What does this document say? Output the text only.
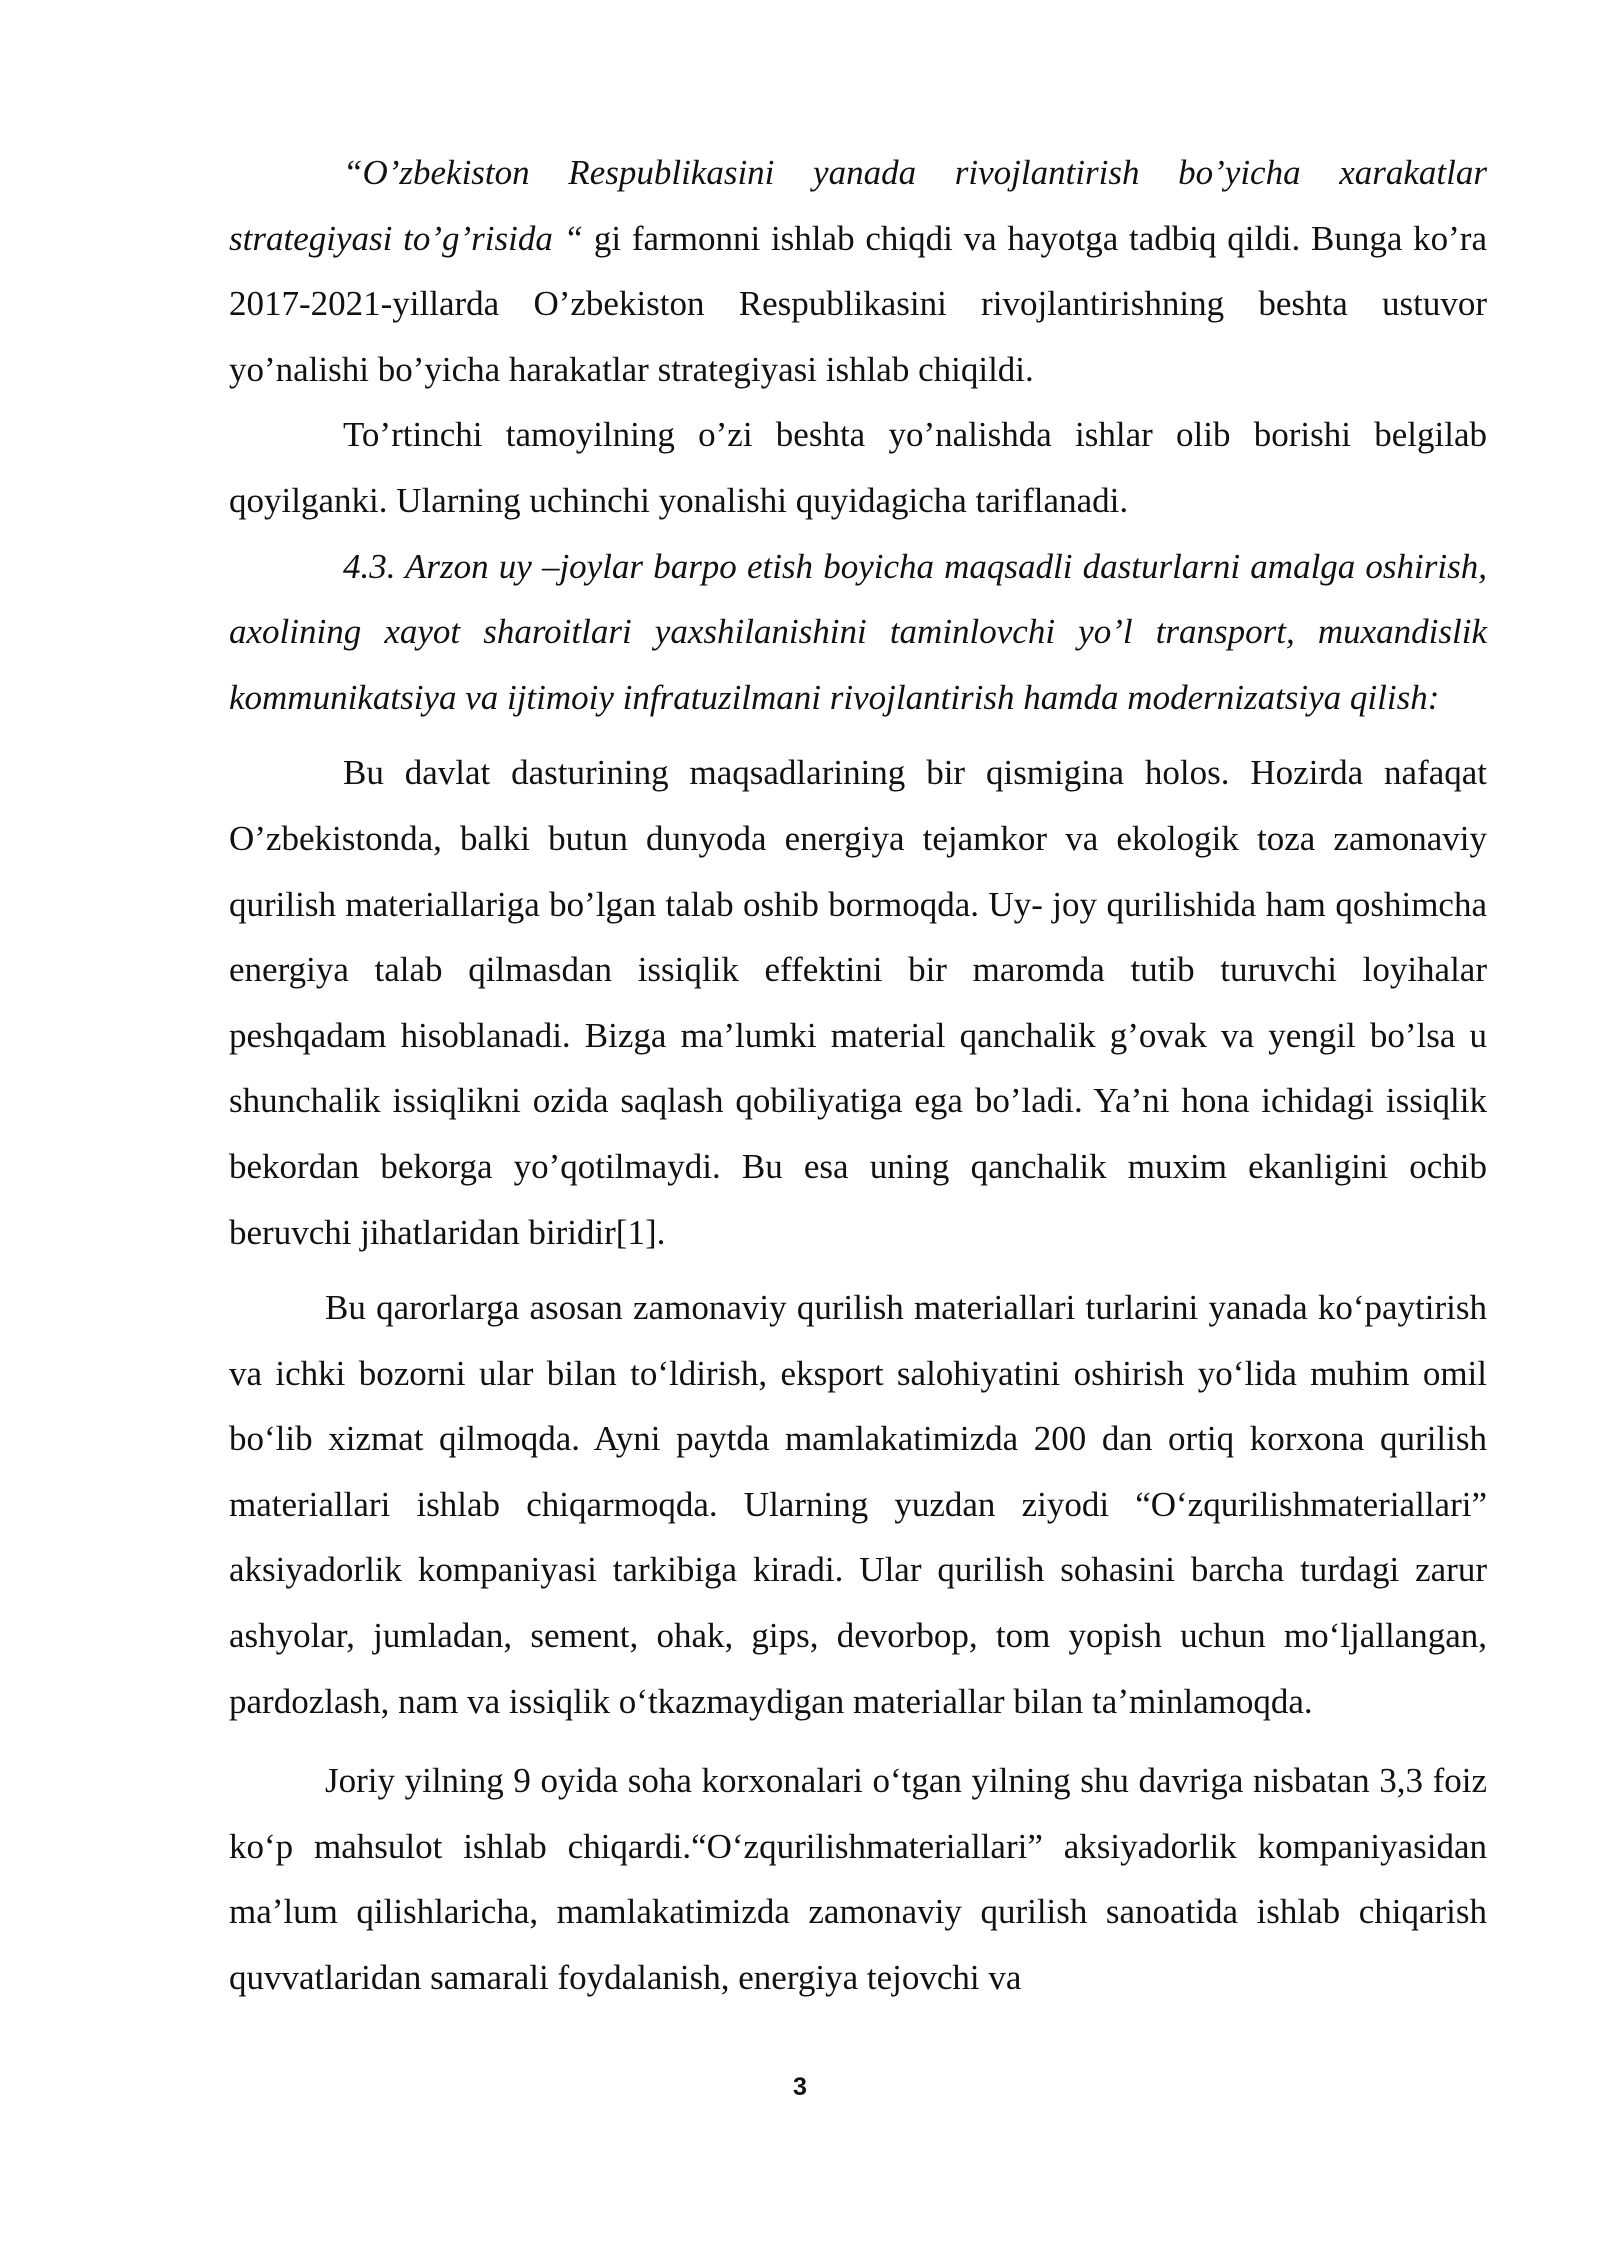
“O’zbekiston Respublikasini yanada rivojlantirish bo’yicha xarakatlar strategiyasi to’g’risida “ gi farmonni ishlab chiqdi va hayotga tadbiq qildi. Bunga ko’ra 2017-2021-yillarda O’zbekiston Respublikasini rivojlantirishning beshta ustuvor yo’nalishi bo’yicha harakatlar strategiyasi ishlab chiqildi.

To’rtinchi tamoyilning o’zi beshta yo’nalishda ishlar olib borishi belgilab qoyilganki. Ularning uchinchi yonalishi quyidagicha tariflanadi.

4.3. Arzon uy –joylar barpo etish boyicha maqsadli dasturlarni amalga oshirish, axolining xayot sharoitlari yaxshilanishini taminlovchi yo’l transport, muxandislik kommunikatsiya va ijtimoiy infratuzilmani rivojlantirish hamda modernizatsiya qilish:

Bu davlat dasturining maqsadlarining bir qismigina holos. Hozirda nafaqat O’zbekistonda, balki butun dunyoda energiya tejamkor va ekologik toza zamonaviy qurilish materiallariga bo’lgan talab oshib bormoqda. Uy- joy qurilishida ham qoshimcha energiya talab qilmasdan issiqlik effektini bir maromda tutib turuvchi loyihalar peshqadam hisoblanadi. Bizga ma’lumki material qanchalik g’ovak va yengil bo’lsa u shunchalik issiqlikni ozida saqlash qobiliyatiga ega bo’ladi. Ya’ni hona ichidagi issiqlik bekordan bekorga yo’qotilmaydi. Bu esa uning qanchalik muxim ekanligini ochib beruvchi jihatlaridan biridir[1].

Bu qarorlarga asosan zamonaviy qurilish materiallari turlarini yanada koʻpaytirish va ichki bozorni ular bilan toʻldirish, eksport salohiyatini oshirish yoʻlida muhim omil boʻlib xizmat qilmoqda. Ayni paytda mamlakatimizda 200 dan ortiq korxona qurilish materiallari ishlab chiqarmoqda. Ularning yuzdan ziyodi “Oʻzqurilishmateriallari” aksiyadorlik kompaniyasi tarkibiga kiradi. Ular qurilish sohasini barcha turdagi zarur ashyolar, jumladan, sement, ohak, gips, devorbop, tom yopish uchun moʻljallangan, pardozlash, nam va issiqlik oʻtkazmaydigan materiallar bilan taʼminlamoqda.

Joriy yilning 9 oyida soha korxonalari oʻtgan yilning shu davriga nisbatan 3,3 foiz koʻp mahsulot ishlab chiqardi.“Oʻzqurilishmateriallari” aksiyadorlik kompaniyasidan maʼlum qilishlaricha, mamlakatimizda zamonaviy qurilish sanoatida ishlab chiqarish quvvatlaridan samarali foydalanish, energiya tejovchi va

3
